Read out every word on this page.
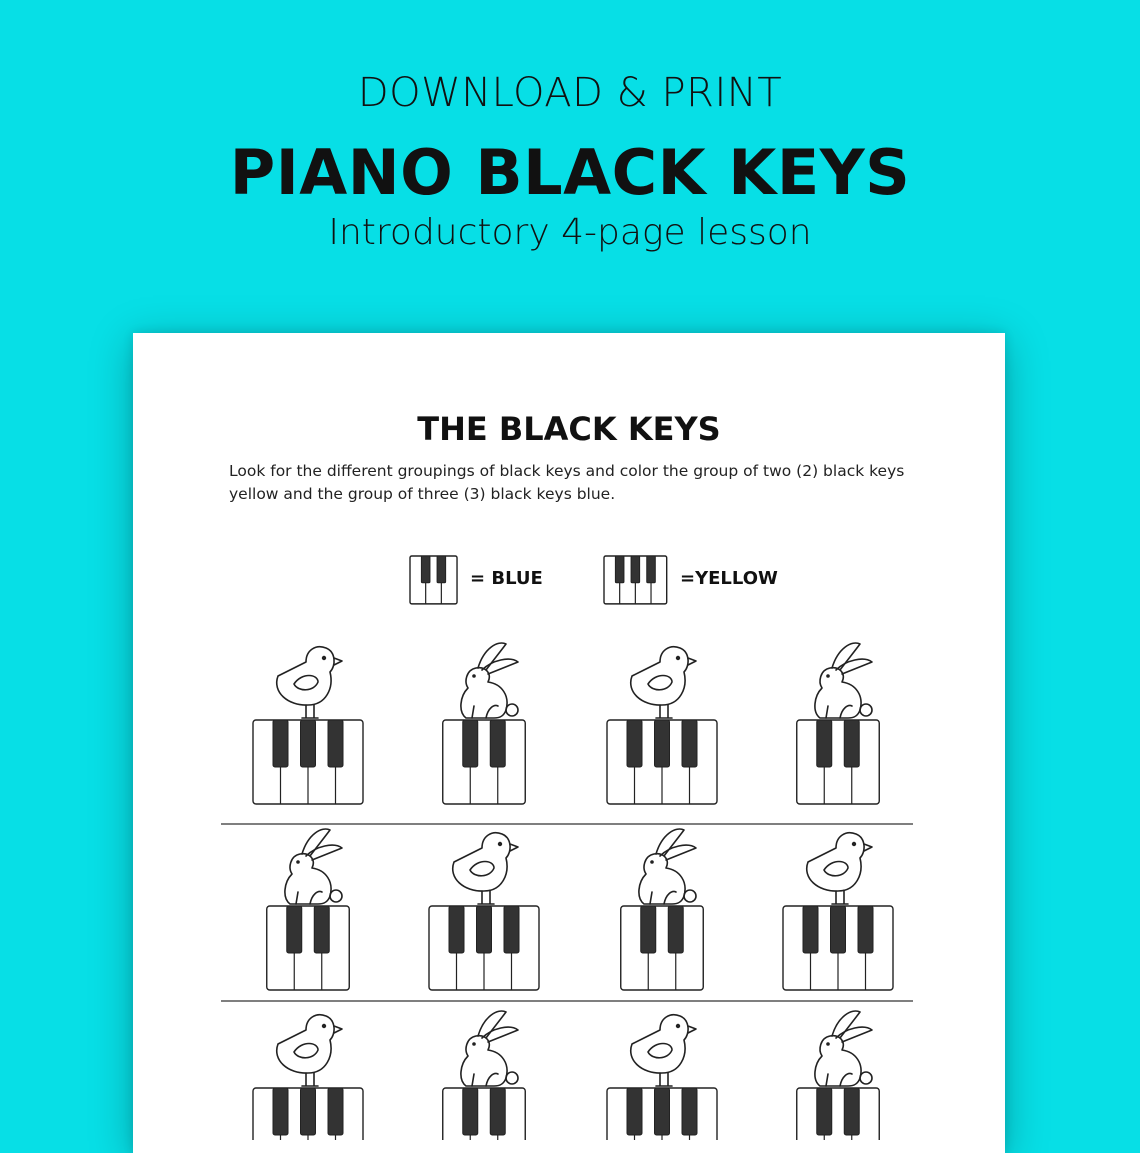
DOWNLOAD & PRINT
PIANO BLACK KEYS
Introductory 4-page lesson
THE BLACK KEYS
Look for the different groupings of black keys and color the group of two (2) black keys yellow and the group of three (3) black keys blue.
= BLUE	=YELLOW
